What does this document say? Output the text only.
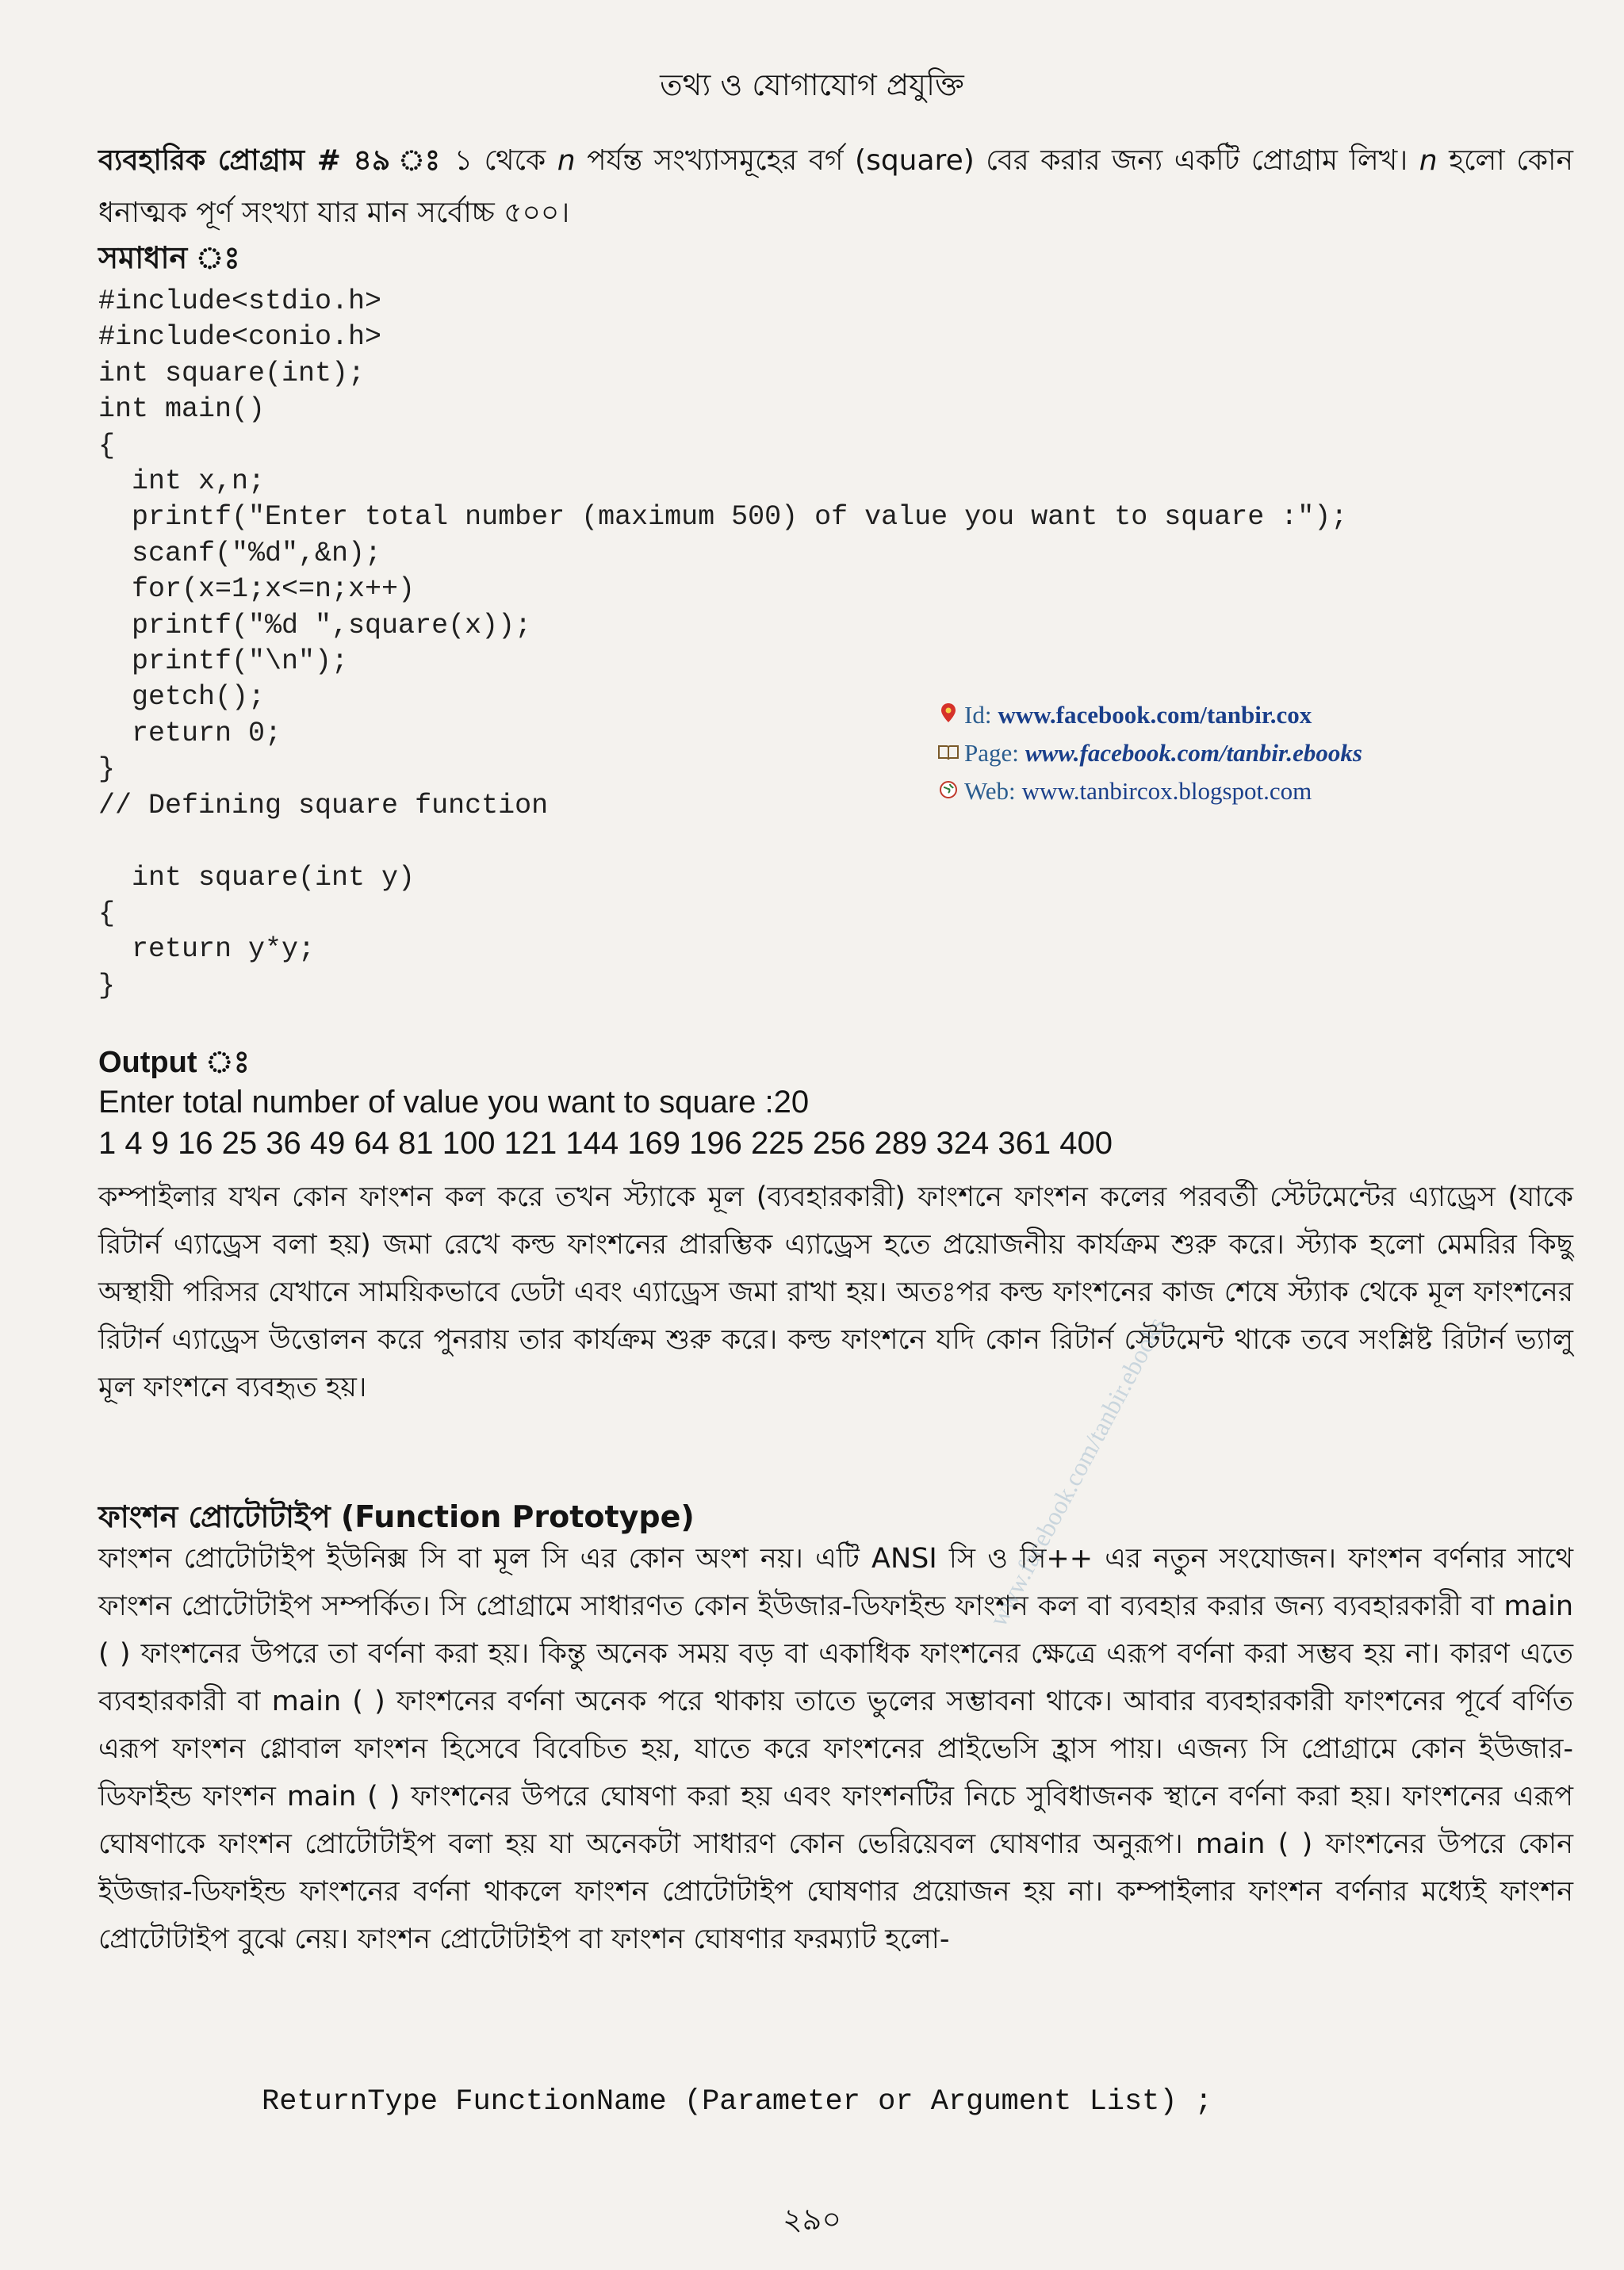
তথ্য ও যোগাযোগ প্রযুক্তি
ব্যবহারিক প্রোগ্রাম # ৪৯ ঃ ১ থেকে n পর্যন্ত সংখ্যাসমূহের বর্গ (square) বের করার জন্য একটি প্রোগ্রাম লিখ। n হলো কোন ধনাত্মক পূর্ণ সংখ্যা যার মান সর্বোচ্চ ৫০০।
সমাধান ঃ
#include<stdio.h>
#include<conio.h>
int square(int);
int main()
{
int x,n;
printf("Enter total number (maximum 500) of value you want to square :");
scanf("%d",&n);
for(x=1;x<=n;x++)
printf("%d ",square(x));
printf("\n");
getch();
return 0;
}
// Defining square function

int square(int y)
{
return y*y;
}
Id: www.facebook.com/tanbir.cox
Page: www.facebook.com/tanbir.ebooks
Web: www.tanbircox.blogspot.com
Output ঃ
Enter total number of value you want to square :20
1 4 9 16 25 36 49 64 81 100 121 144 169 196 225 256 289 324 361 400
কম্পাইলার যখন কোন ফাংশন কল করে তখন স্ট্যাকে মূল (ব্যবহারকারী) ফাংশনে ফাংশন কলের পরবর্তী স্টেটমেন্টের এ্যাড্রেস (যাকে রিটার্ন এ্যাড্রেস বলা হয়) জমা রেখে কল্ড ফাংশনের প্রারম্ভিক এ্যাড্রেস হতে প্রয়োজনীয় কার্যক্রম শুরু করে। স্ট্যাক হলো মেমরির কিছু অস্থায়ী পরিসর যেখানে সাময়িকভাবে ডেটা এবং এ্যাড্রেস জমা রাখা হয়। অতঃপর কল্ড ফাংশনের কাজ শেষে স্ট্যাক থেকে মূল ফাংশনের রিটার্ন এ্যাড্রেস উত্তোলন করে পুনরায় তার কার্যক্রম শুরু করে। কল্ড ফাংশনে যদি কোন রিটার্ন স্টেটমেন্ট থাকে তবে সংশ্লিষ্ট রিটার্ন ভ্যালু মূল ফাংশনে ব্যবহৃত হয়।
ফাংশন প্রোটোটাইপ (Function Prototype)
ফাংশন প্রোটোটাইপ ইউনিক্স সি বা মূল সি এর কোন অংশ নয়। এটি ANSI সি ও সি++ এর নতুন সংযোজন। ফাংশন বর্ণনার সাথে ফাংশন প্রোটোটাইপ সম্পর্কিত। সি প্রোগ্রামে সাধারণত কোন ইউজার-ডিফাইন্ড ফাংশন কল বা ব্যবহার করার জন্য ব্যবহারকারী বা main ( ) ফাংশনের উপরে তা বর্ণনা করা হয়। কিন্তু অনেক সময় বড় বা একাধিক ফাংশনের ক্ষেত্রে এরূপ বর্ণনা করা সম্ভব হয় না। কারণ এতে ব্যবহারকারী বা main ( ) ফাংশনের বর্ণনা অনেক পরে থাকায় তাতে ভুলের সম্ভাবনা থাকে। আবার ব্যবহারকারী ফাংশনের পূর্বে বর্ণিত এরূপ ফাংশন গ্লোবাল ফাংশন হিসেবে বিবেচিত হয়, যাতে করে ফাংশনের প্রাইভেসি হ্রাস পায়। এজন্য সি প্রোগ্রামে কোন ইউজার-ডিফাইন্ড ফাংশন main ( ) ফাংশনের উপরে ঘোষণা করা হয় এবং ফাংশনটির নিচে সুবিধাজনক স্থানে বর্ণনা করা হয়। ফাংশনের এরূপ ঘোষণাকে ফাংশন প্রোটোটাইপ বলা হয় যা অনেকটা সাধারণ কোন ভেরিয়েবল ঘোষণার অনুরূপ। main ( ) ফাংশনের উপরে কোন ইউজার-ডিফাইন্ড ফাংশনের বর্ণনা থাকলে ফাংশন প্রোটোটাইপ ঘোষণার প্রয়োজন হয় না। কম্পাইলার ফাংশন বর্ণনার মধ্যেই ফাংশন প্রোটোটাইপ বুঝে নেয়। ফাংশন প্রোটোটাইপ বা ফাংশন ঘোষণার ফরম্যাট হলো-
ReturnType FunctionName (Parameter or Argument List) ;
www.facebook.com/tanbir.ebooks
২৯০
